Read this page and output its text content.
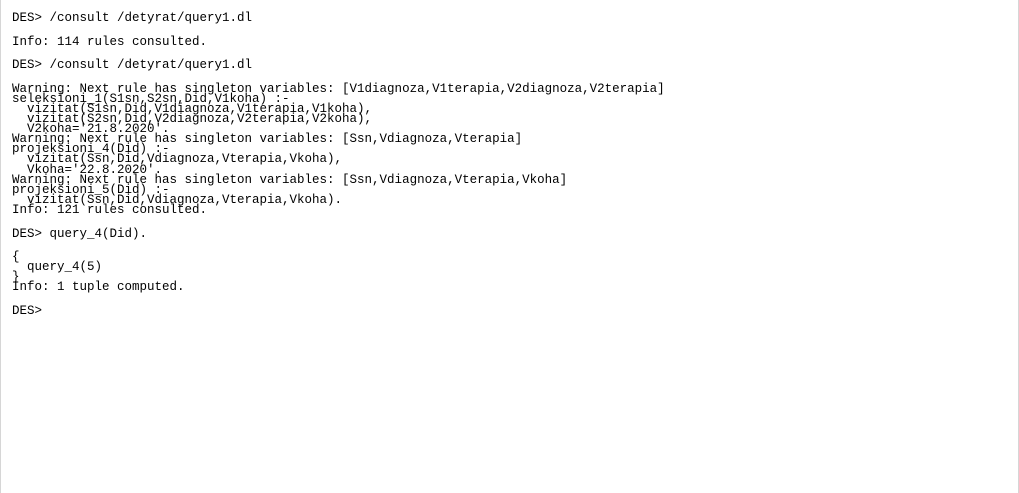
DES> /consult /detyrat/query1.dl
Info: 114 rules consulted.
DES> /consult /detyrat/query1.dl
Warning: Next rule has singleton variables: [V1diagnoza,V1terapia,V2diagnoza,V2terapia]
seleksioni_1(S1sn,S2sn,Did,V1koha) :-
vizitat(S1sn,Did,V1diagnoza,V1terapia,V1koha),
vizitat(S2sn,Did,V2diagnoza,V2terapia,V2koha),
V2koha='21.8.2020'.
Warning: Next rule has singleton variables: [Ssn,Vdiagnoza,Vterapia]
projeksioni_4(Did) :-
vizitat(Ssn,Did,Vdiagnoza,Vterapia,Vkoha),
Vkoha='22.8.2020'.
Warning: Next rule has singleton variables: [Ssn,Vdiagnoza,Vterapia,Vkoha]
projeksioni_5(Did) :-
vizitat(Ssn,Did,Vdiagnoza,Vterapia,Vkoha).
Info: 121 rules consulted.
DES> query_4(Did).
{
query_4(5)
}
Info: 1 tuple computed.
DES>
